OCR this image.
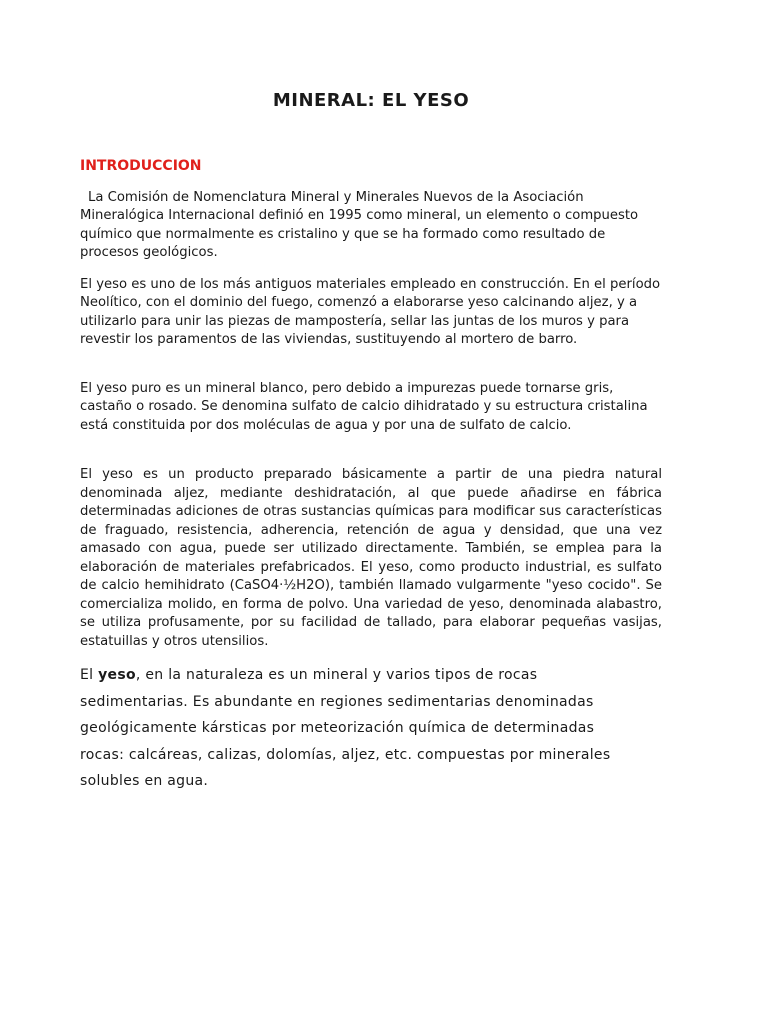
MINERAL: EL YESO
INTRODUCCION

La Comisión de Nomenclatura Mineral y Minerales Nuevos de la Asociación Mineralógica Internacional definió en 1995 como mineral, un elemento o compuesto químico que normalmente es cristalino y que se ha formado como resultado de procesos geológicos.

El yeso es uno de los más antiguos materiales empleado en construcción. En el período Neolítico, con el dominio del fuego, comenzó a elaborarse yeso calcinando aljez, y a utilizarlo para unir las piezas de mampostería, sellar las juntas de los muros y para revestir los paramentos de las viviendas, sustituyendo al mortero de barro.

El yeso puro es un mineral blanco, pero debido a impurezas puede tornarse gris, castaño o rosado. Se denomina sulfato de calcio dihidratado y su estructura cristalina está constituida por dos moléculas de agua y por una de sulfato de calcio.

El yeso es un producto preparado básicamente a partir de una piedra natural denominada aljez, mediante deshidratación, al que puede añadirse en fábrica determinadas adiciones de otras sustancias químicas para modificar sus características de fraguado, resistencia, adherencia, retención de agua y densidad, que una vez amasado con agua, puede ser utilizado directamente. También, se emplea para la elaboración de materiales prefabricados. El yeso, como producto industrial, es sulfato de calcio hemihidrato (CaSO4·½H2O), también llamado vulgarmente "yeso cocido". Se comercializa molido, en forma de polvo. Una variedad de yeso, denominada alabastro, se utiliza profusamente, por su facilidad de tallado, para elaborar pequeñas vasijas, estatuillas y otros utensilios.

El yeso, en la naturaleza es un mineral y varios tipos de rocas sedimentarias. Es abundante en regiones sedimentarias denominadas geológicamente kársticas por meteorización química de determinadas rocas: calcáreas, calizas, dolomías, aljez, etc. compuestas por minerales solubles en agua.
